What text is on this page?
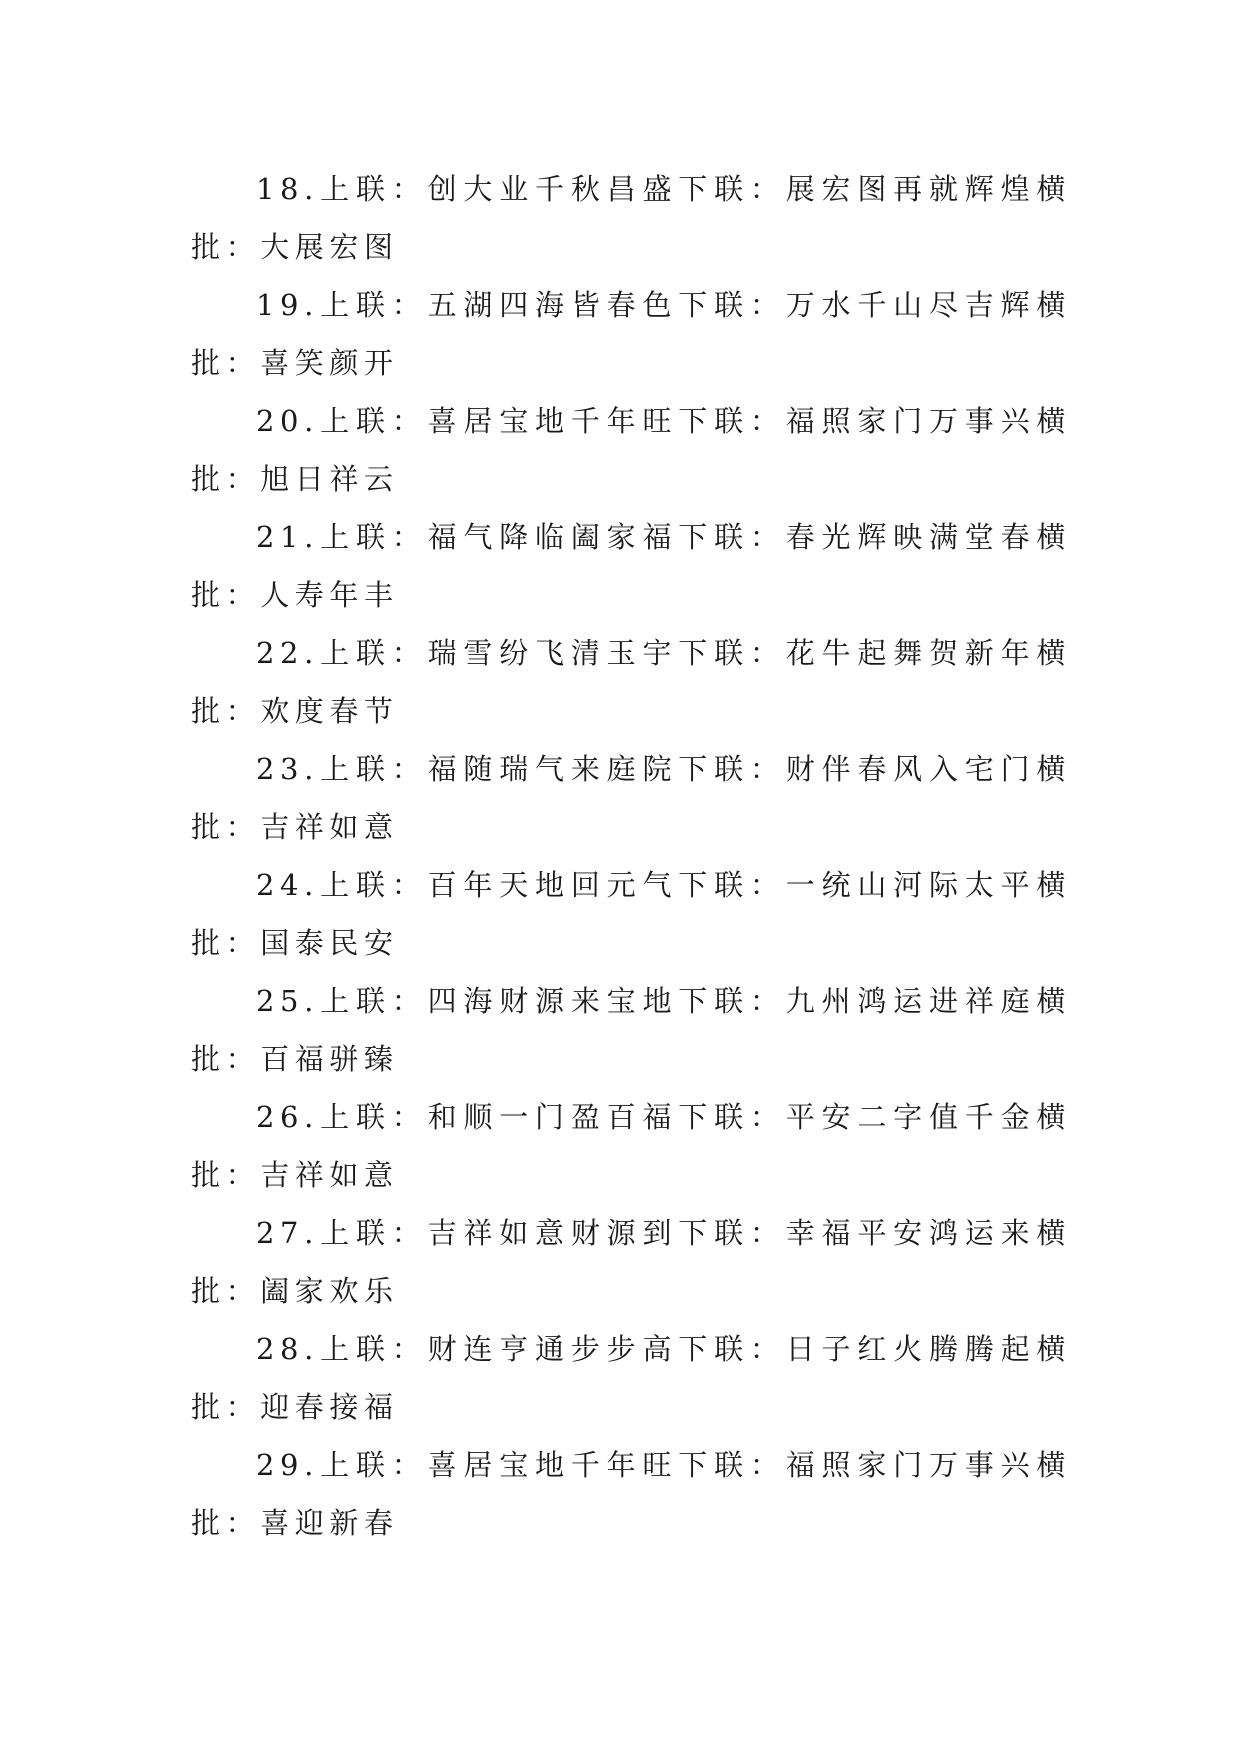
18.上联：创大业千秋昌盛下联：展宏图再就辉煌横批：大展宏图

19.上联：五湖四海皆春色下联：万水千山尽吉辉横批：喜笑颜开

20.上联：喜居宝地千年旺下联：福照家门万事兴横批：旭日祥云

21.上联：福气降临阖家福下联：春光辉映满堂春横批：人寿年丰

22.上联：瑞雪纷飞清玉宇下联：花牛起舞贺新年横批：欢度春节

23.上联：福随瑞气来庭院下联：财伴春风入宅门横批：吉祥如意

24.上联：百年天地回元气下联：一统山河际太平横批：国泰民安

25.上联：四海财源来宝地下联：九州鸿运进祥庭横批：百福骈臻

26.上联：和顺一门盈百福下联：平安二字值千金横批：吉祥如意

27.上联：吉祥如意财源到下联：幸福平安鸿运来横批：阖家欢乐

28.上联：财连亨通步步高下联：日子红火腾腾起横批：迎春接福

29.上联：喜居宝地千年旺下联：福照家门万事兴横批：喜迎新春
